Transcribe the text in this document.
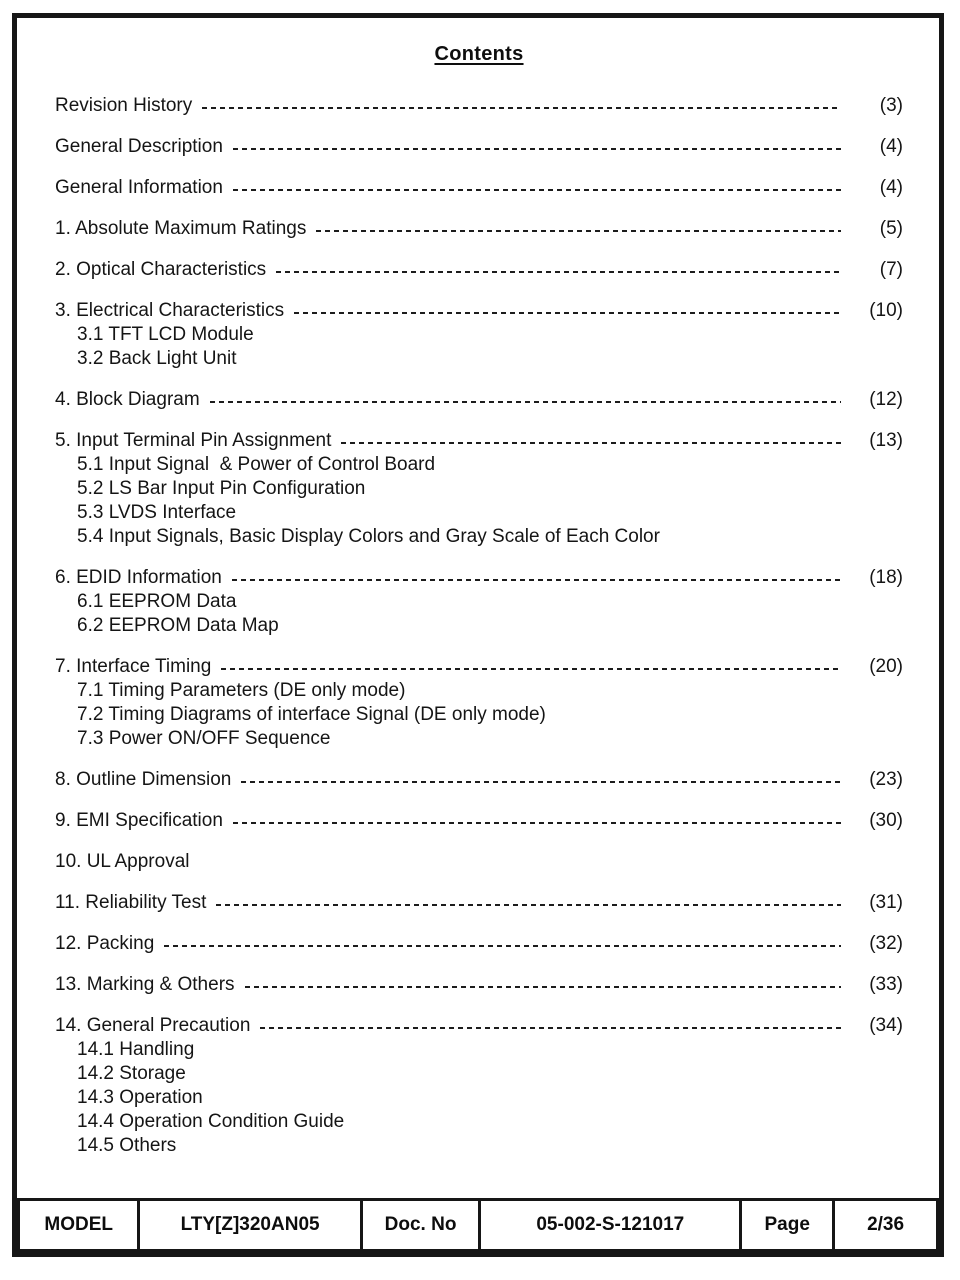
Contents
Revision History	(3)
General Description	(4)
General Information	(4)
1. Absolute Maximum Ratings	(5)
2. Optical Characteristics	(7)
3. Electrical Characteristics	(10)
3.1 TFT LCD Module
3.2 Back Light Unit
4. Block Diagram	(12)
5. Input Terminal Pin Assignment	(13)
5.1 Input Signal  & Power of Control Board
5.2 LS Bar Input Pin Configuration
5.3 LVDS Interface
5.4 Input Signals, Basic Display Colors and Gray Scale of Each Color
6. EDID Information	(18)
6.1 EEPROM Data
6.2 EEPROM Data Map
7. Interface Timing	(20)
7.1 Timing Parameters (DE only mode)
7.2 Timing Diagrams of interface Signal (DE only mode)
7.3 Power ON/OFF Sequence
8. Outline Dimension	(23)
9. EMI Specification	(30)
10. UL Approval
11. Reliability Test	(31)
12. Packing	(32)
13. Marking & Others	(33)
14. General Precaution	(34)
14.1 Handling
14.2 Storage
14.3 Operation
14.4 Operation Condition Guide
14.5 Others
MODEL	LTY[Z]320AN05	Doc. No	05-002-S-121017	Page	2/36
